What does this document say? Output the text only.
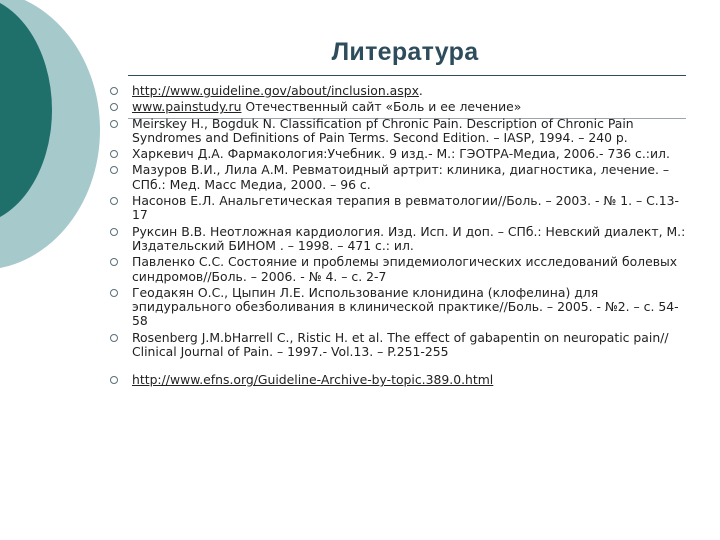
Литература
http://www.guideline.gov/about/inclusion.aspx.
www.painstudy.ru Отечественный сайт «Боль и ее лечение»
Meirskey H., Bogduk N. Classification pf Chronic Pain. Description of Chronic Pain Syndromes and Definitions of Pain Terms. Second Edition. – IASP, 1994. – 240 p.
Харкевич Д.А. Фармакология:Учебник. 9 изд.- М.: ГЭОТРА-Медиа, 2006.- 736 с.:ил.
Мазуров В.И., Лила А.М. Ревматоидный артрит: клиника, диагностика, лечение. – СПб.: Мед. Масс Медиа, 2000. – 96 с.
Насонов Е.Л. Анальгетическая терапия в ревматологии//Боль. – 2003. - № 1. – С.13-17
Руксин В.В. Неотложная кардиология. Изд. Исп. И доп. – СПб.: Невский диалект, М.: Издательский БИНОМ . – 1998. – 471 с.: ил.
Павленко С.С. Состояние и проблемы эпидемиологических исследований болевых синдромов//Боль. – 2006. - № 4. – с. 2-7
Геодакян О.С., Цыпин Л.Е. Использование клонидина (клофелина) для эпидурального обезболивания в клинической практике//Боль. – 2005. - №2. – с. 54-58
Rosenberg J.M.bHarrell C., Ristic H. et al. The effect of gabapentin on neuropatic pain// Clinical Journal of Pain. – 1997.- Vol.13. – P.251-255
http://www.efns.org/Guideline-Archive-by-topic.389.0.html
